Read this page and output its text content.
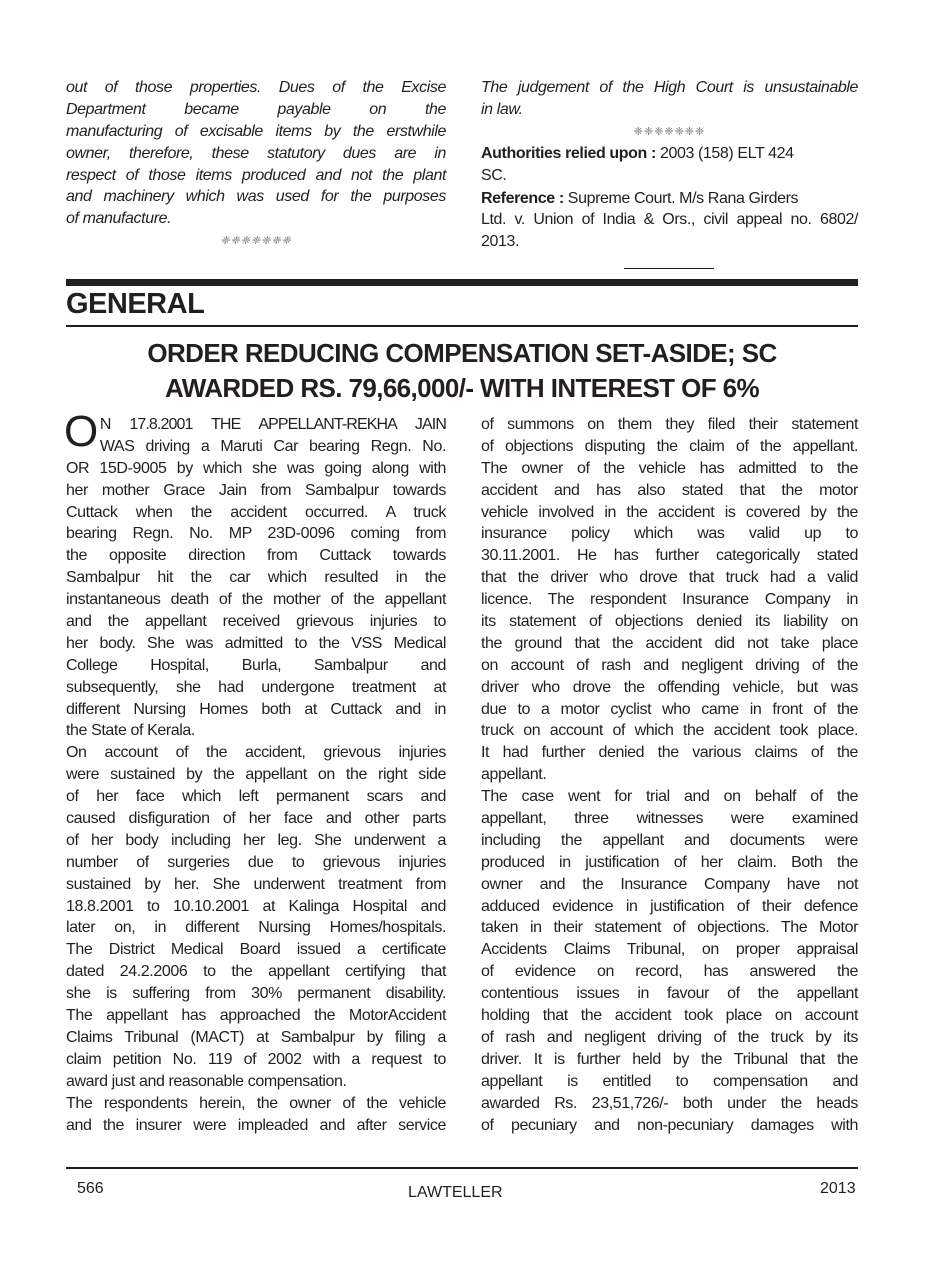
out of those properties. Dues of the Excise
Department became payable on the
manufacturing of excisable items by the erstwhile
owner, therefore, these statutory dues are in
respect of those items produced and not the plant
and machinery which was used for the purposes
of manufacture.
❈❈❈❈❈❈❈
The judgement of the High Court is unsustainable
in law.
❈❈❈❈❈❈❈
Authorities relied upon : 2003 (158) ELT 424
SC.
Reference : Supreme Court. M/s Rana Girders
Ltd. v. Union of India & Ors., civil appeal no. 6802/
2013.
GENERAL
ORDER REDUCING COMPENSATION SET-ASIDE; SC
AWARDED RS. 79,66,000/- WITH INTEREST OF 6%
O N 17.8.2001 THE APPELLANT-REKHA JAIN
WAS driving a Maruti Car bearing Regn. No.
OR 15D-9005 by which she was going along with
her mother Grace Jain from Sambalpur towards
Cuttack when the accident occurred. A truck
bearing Regn. No. MP 23D-0096 coming from
the opposite direction from Cuttack towards
Sambalpur hit the car which resulted in the
instantaneous death of the mother of the appellant
and the appellant received grievous injuries to
her body. She was admitted to the VSS Medical
College Hospital, Burla, Sambalpur and
subsequently, she had undergone treatment at
different Nursing Homes both at Cuttack and in
the State of Kerala.
On account of the accident, grievous injuries
were sustained by the appellant on the right side
of her face which left permanent scars and
caused disfiguration of her face and other parts
of her body including her leg. She underwent a
number of surgeries due to grievous injuries
sustained by her. She underwent treatment from
18.8.2001 to 10.10.2001 at Kalinga Hospital and
later on, in different Nursing Homes/hospitals.
The District Medical Board issued a certificate
dated 24.2.2006 to the appellant certifying that
she is suffering from 30% permanent disability.
The appellant has approached the MotorAccident
Claims Tribunal (MACT) at Sambalpur by filing a
claim petition No. 119 of 2002 with a request to
award just and reasonable compensation.
The respondents herein, the owner of the vehicle
and the insurer were impleaded and after service
of summons on them they filed their statement
of objections disputing the claim of the appellant.
The owner of the vehicle has admitted to the
accident and has also stated that the motor
vehicle involved in the accident is covered by the
insurance policy which was valid up to
30.11.2001. He has further categorically stated
that the driver who drove that truck had a valid
licence. The respondent Insurance Company in
its statement of objections denied its liability on
the ground that the accident did not take place
on account of rash and negligent driving of the
driver who drove the offending vehicle, but was
due to a motor cyclist who came in front of the
truck on account of which the accident took place.
It had further denied the various claims of the
appellant.
The case went for trial and on behalf of the
appellant, three witnesses were examined
including the appellant and documents were
produced in justification of her claim. Both the
owner and the Insurance Company have not
adduced evidence in justification of their defence
taken in their statement of objections. The Motor
Accidents Claims Tribunal, on proper appraisal
of evidence on record, has answered the
contentious issues in favour of the appellant
holding that the accident took place on account
of rash and negligent driving of the truck by its
driver. It is further held by the Tribunal that the
appellant is entitled to compensation and
awarded Rs. 23,51,726/- both under the heads
of pecuniary and non-pecuniary damages with
566	LAWTELLER	2013
